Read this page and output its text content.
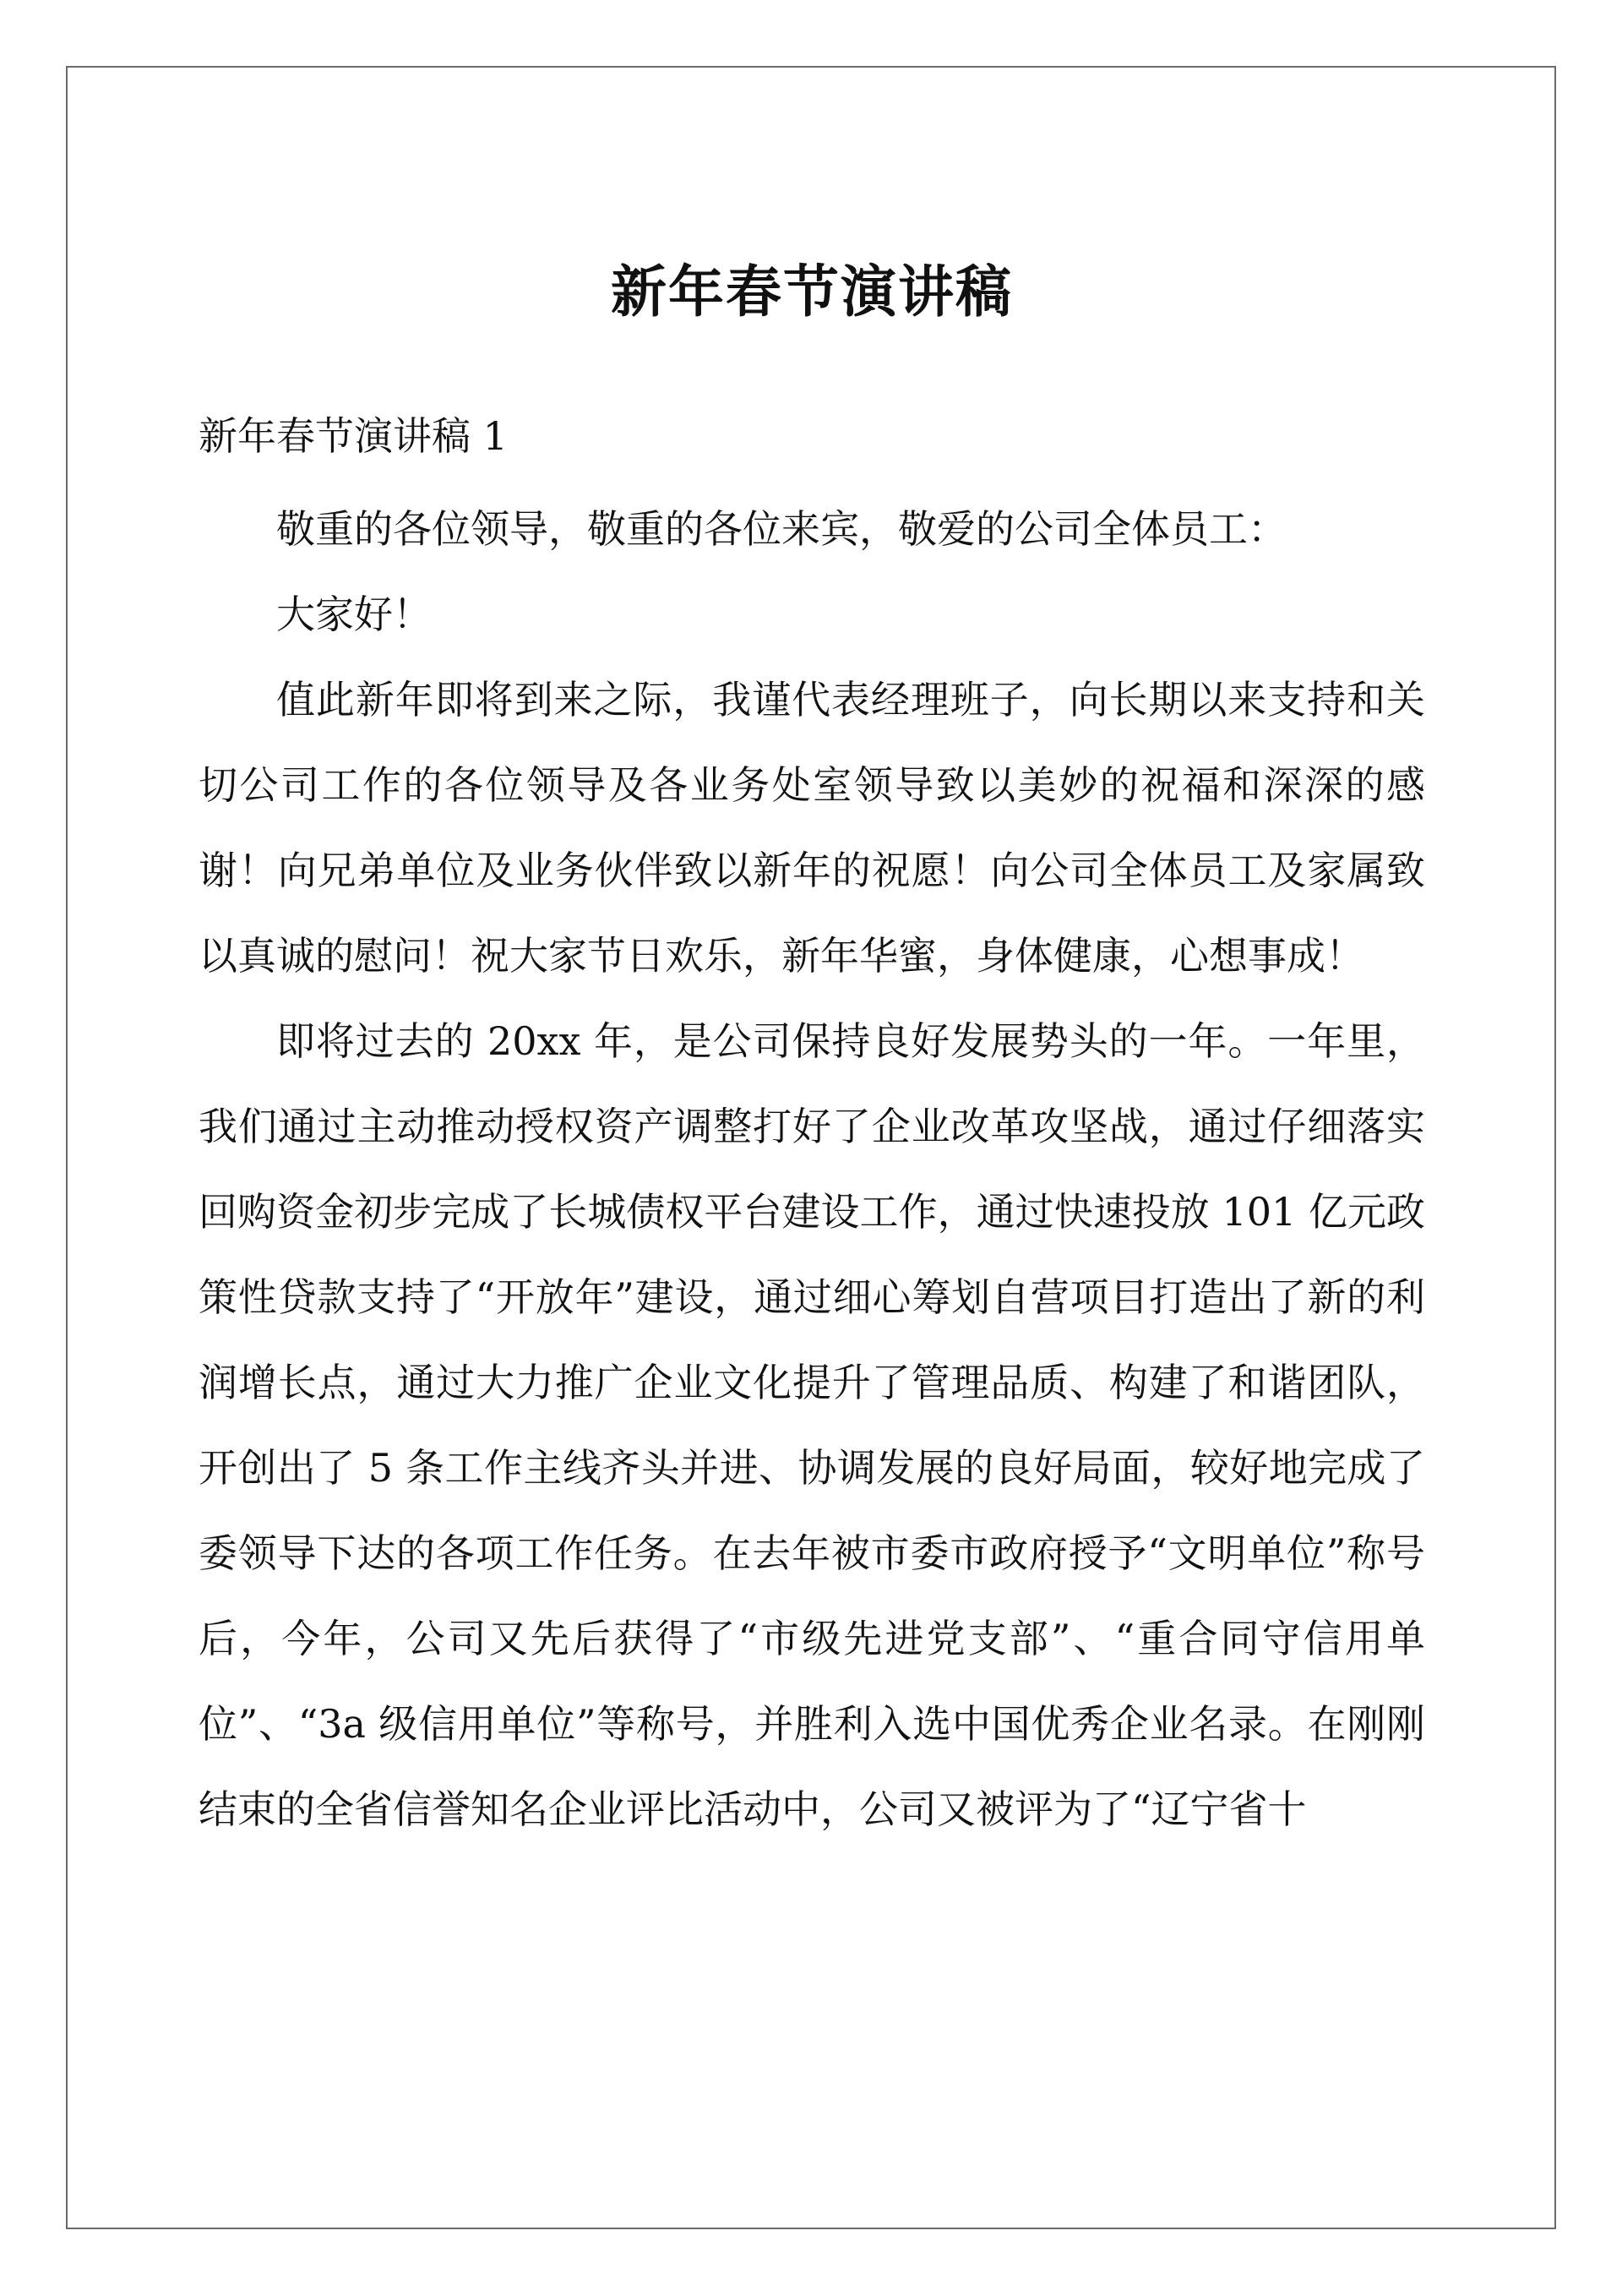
新年春节演讲稿
新年春节演讲稿 1

敬重的各位领导，敬重的各位来宾，敬爱的公司全体员工：

大家好！

值此新年即将到来之际，我谨代表经理班子，向长期以来支持和关切公司工作的各位领导及各业务处室领导致以美妙的祝福和深深的感谢！向兄弟单位及业务伙伴致以新年的祝愿！向公司全体员工及家属致以真诚的慰问！祝大家节日欢乐，新年华蜜，身体健康，心想事成！

即将过去的 20xx 年，是公司保持良好发展势头的一年。一年里，我们通过主动推动授权资产调整打好了企业改革攻坚战，通过仔细落实回购资金初步完成了长城债权平台建设工作，通过快速投放 101 亿元政策性贷款支持了“开放年”建设，通过细心筹划自营项目打造出了新的利润增长点，通过大力推广企业文化提升了管理品质、构建了和谐团队，开创出了 5 条工作主线齐头并进、协调发展的良好局面，较好地完成了委领导下达的各项工作任务。在去年被市委市政府授予“文明单位”称号后，今年，公司又先后获得了“市级先进党支部”、“重合同守信用单位”、“3a 级信用单位”等称号，并胜利入选中国优秀企业名录。在刚刚结束的全省信誉知名企业评比活动中，公司又被评为了“辽宁省十
